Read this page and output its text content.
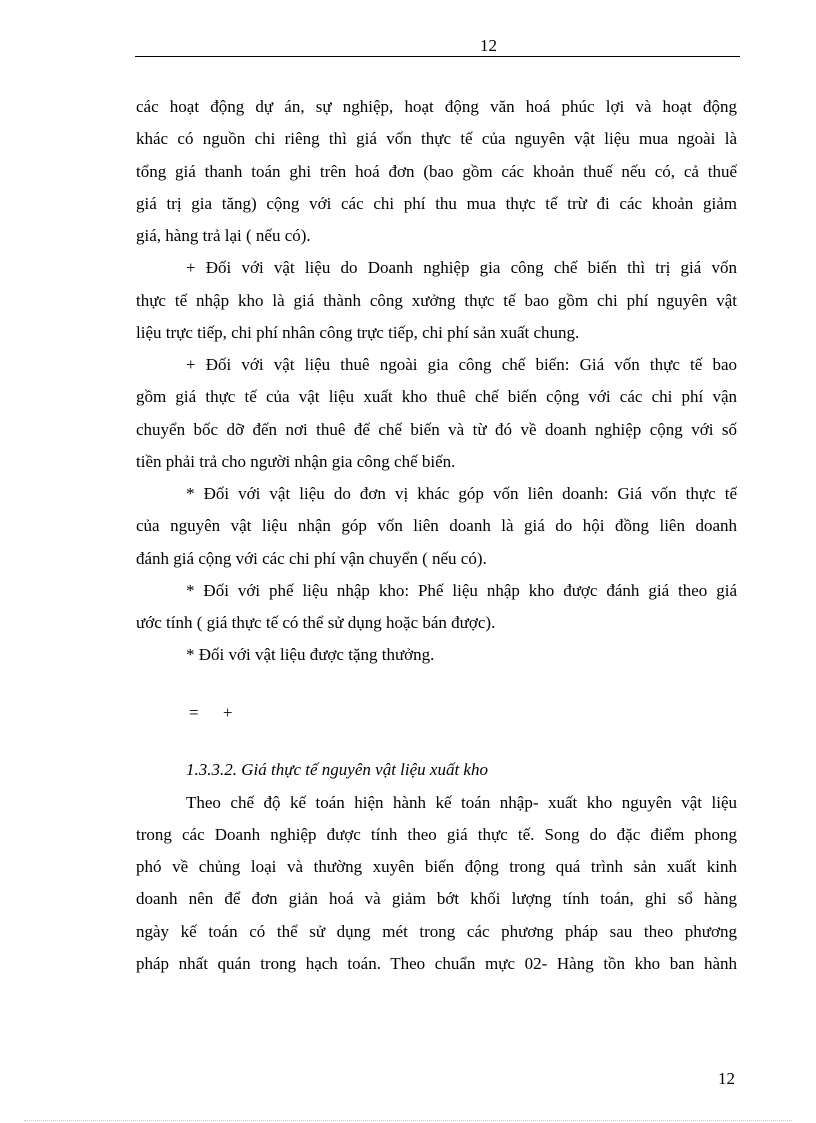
12
các hoạt động dự án, sự nghiệp, hoạt động văn hoá phúc lợi và hoạt động
khác có nguồn chi riêng thì giá vốn thực tế của nguyên vật liệu mua ngoài là
tổng giá thanh toán ghi trên hoá đơn (bao gồm các khoản thuế nếu có, cả thuế
giá trị gia tăng) cộng với các chi phí thu mua thực tế trừ đi các khoản giảm
giá, hàng trả lại ( nếu có).
+ Đối với vật liệu do Doanh nghiệp gia công chế biến thì trị giá vốn
thực tế nhập kho là giá thành công xưởng thực tế bao gồm chi phí nguyên vật
liệu trực tiếp, chi phí nhân công trực tiếp, chi phí sản xuất chung.
+ Đối với vật liệu thuê ngoài gia công chế biến: Giá vốn thực tế bao
gồm giá thực tế của vật liệu xuất kho thuê chế biến cộng với các chi phí vận
chuyển bốc dỡ đến nơi thuê để chế biến và từ đó về doanh nghiệp cộng với số
tiền phải trả cho người nhận gia công chế biến.
* Đối với vật liệu do đơn vị khác góp vốn liên doanh: Giá vốn thực tế
của nguyên vật liệu nhận góp vốn liên doanh là giá do hội đồng liên doanh
đánh giá cộng với các chi phí vận chuyển ( nếu có).
* Đối với phế liệu nhập kho: Phế liệu nhập kho được đánh giá theo giá
ước tính ( giá thực tế có thể sử dụng hoặc bán được).
* Đối với vật liệu được tặng thưởng.
= +
1.3.3.2. Giá thực tế nguyên vật liệu xuất kho
Theo chế độ kế toán hiện hành kế toán nhập- xuất kho nguyên vật liệu
trong các Doanh nghiệp được tính theo giá thực tế. Song do đặc điểm phong
phó về chủng loại và thường xuyên biến động trong quá trình sản xuất kinh
doanh nên để đơn giản hoá và giảm bớt khối lượng tính toán, ghi sổ hàng
ngày kế toán có thể sử dụng mét trong các phương pháp sau theo phương
pháp nhất quán trong hạch toán. Theo chuẩn mực 02- Hàng tồn kho ban hành
12
